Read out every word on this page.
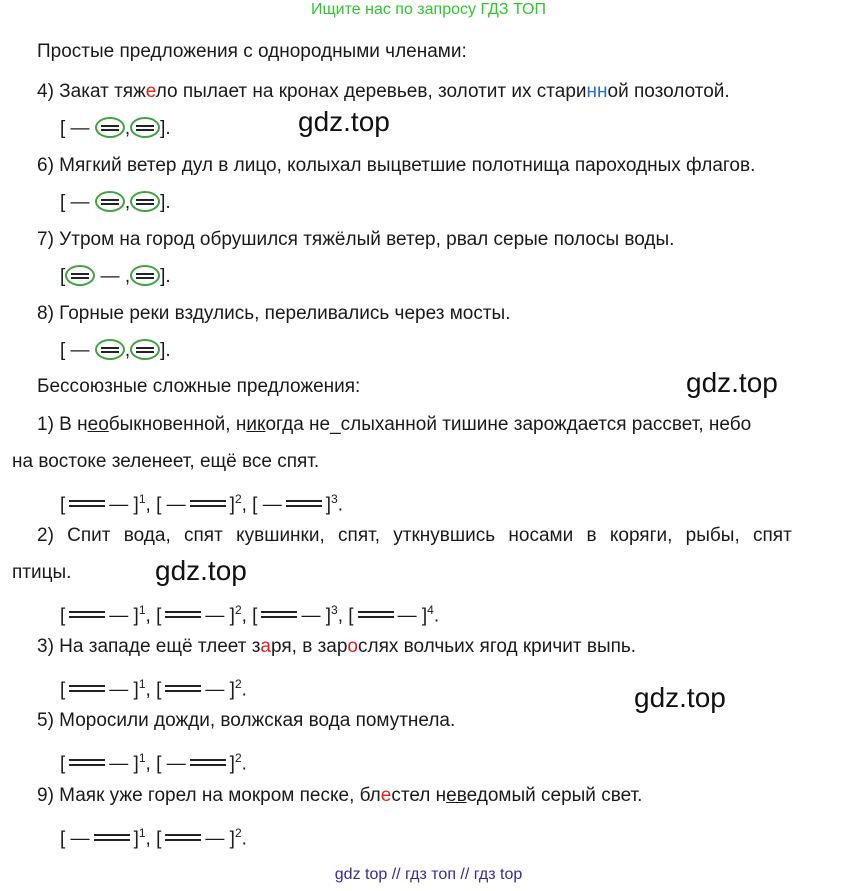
Ищите нас по запросу ГДЗ ТОП
Простые предложения с однородными членами:
4) Закат тяжело пылает на кронах деревьев, золотит их старинной позолотой.
[ — , ].
6) Мягкий ветер дул в лицо, колыхал выцветшие полотнища пароходных флагов.
[ — , ].
7) Утром на город обрушился тяжёлый ветер, рвал серые полосы воды.
[ — , ].
8) Горные реки вздулись, переливались через мосты.
[ — , ].
Бессоюзные сложные предложения:
1) В необыкновенной, никогда не_слыханной тишине зарождается рассвет, небо
на востоке зеленеет, ещё все спят.
[ — ]$^1$, [ — ]$^2$, [ — ]$^3$.
2) Спит вода, спят кувшинки, спят, уткнувшись носами в коряги, рыбы, спят
птицы.
[ — ]$^1$, [ — ]$^2$, [ — ]$^3$, [ — ]$^4$.
3) На западе ещё тлеет заря, в зарослях волчьих ягод кричит выпь.
[ — ]$^1$, [ — ]$^2$.
5) Моросили дожди, волжская вода помутнела.
[ — ]$^1$, [ — ]$^2$.
9) Маяк уже горел на мокром песке, блестел неведомый серый свет.
[ — ]$^1$, [ — ]$^2$.
gdz.top
gdz.top
gdz.top
gdz.top
gdz top // гдз топ // гдз top
